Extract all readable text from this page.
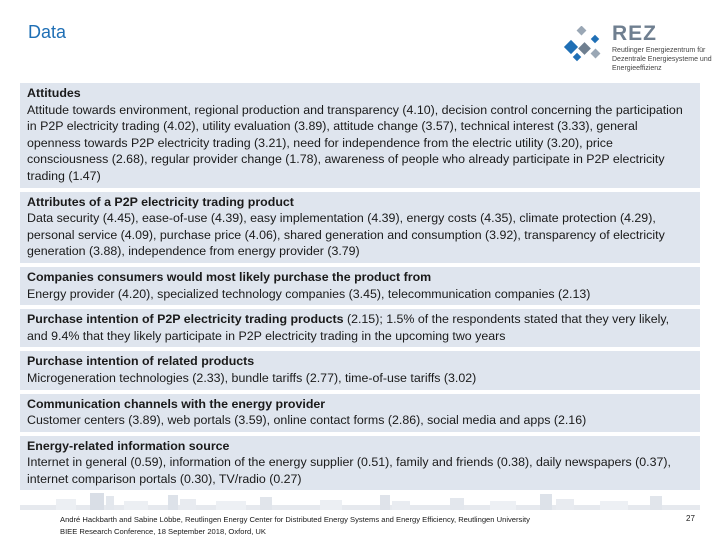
Data	REZ
Reutlinger Energiezentrum für Dezentrale Energiesysteme und Energieeffizienz
Attitudes
Attitude towards environment, regional production and transparency (4.10), decision control concerning the participation in P2P electricity trading (4.02), utility evaluation (3.89), attitude change (3.57), technical interest (3.33), general openness towards P2P electricity trading (3.21), need for independence from the electric utility (3.20), price consciousness (2.68), regular provider change (1.78), awareness of people who already participate in P2P electricity trading (1.47)
Attributes of a P2P electricity trading product
Data security (4.45), ease-of-use (4.39), easy implementation (4.39), energy costs (4.35), climate protection (4.29), personal service (4.09), purchase price (4.06), shared generation and consumption (3.92), transparency of electricity generation (3.88), independence from energy provider (3.79)
Companies consumers would most likely purchase the product from
Energy provider (4.20), specialized technology companies (3.45), telecommunication companies (2.13)
Purchase intention of P2P electricity trading products (2.15); 1.5% of the respondents stated that they very likely, and 9.4% that they likely participate in P2P electricity trading in the upcoming two years
Purchase intention of related products
Microgeneration technologies (2.33), bundle tariffs (2.77), time-of-use tariffs (3.02)
Communication channels with the energy provider
Customer centers (3.89), web portals (3.59), online contact forms (2.86), social media and apps (2.16)
Energy-related information source
Internet in general (0.59), information of the energy supplier (0.51), family and friends (0.38), daily newspapers (0.37), internet comparison portals (0.30), TV/radio (0.27)
André Hackbarth and Sabine Löbbe, Reutlingen Energy Center for Distributed Energy Systems and Energy Efficiency, Reutlingen University
BIEE Research Conference, 18 September 2018, Oxford, UK
27
